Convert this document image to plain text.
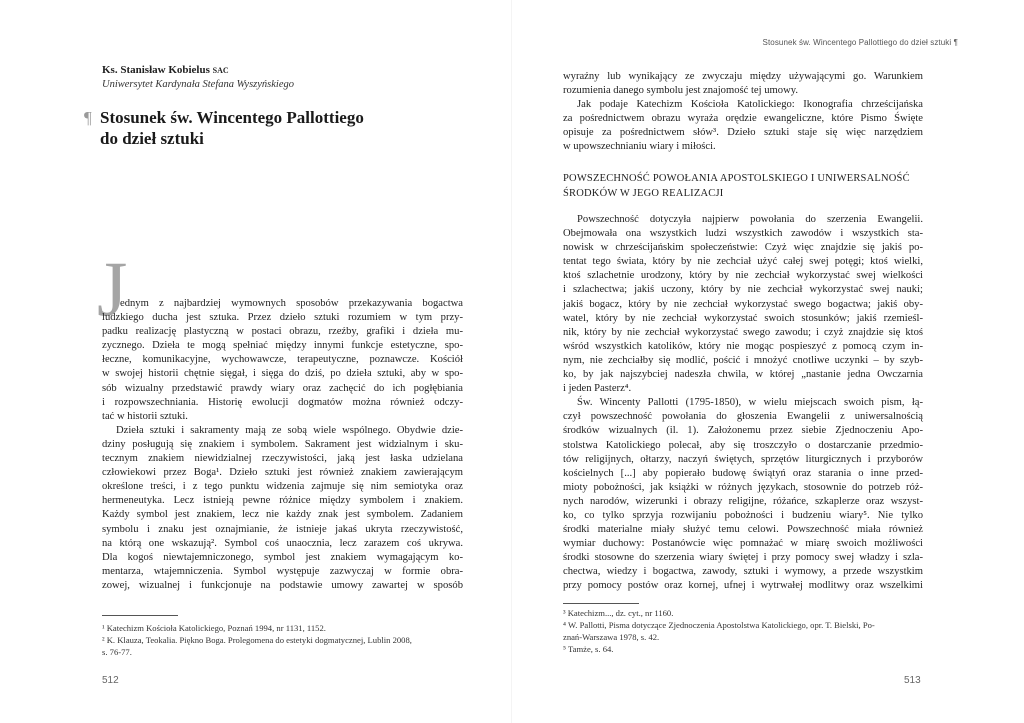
Ks. Stanisław Kobielus SAC
Uniwersytet Kardynała Stefana Wyszyńskiego
¶ Stosunek św. Wincentego Pallottiego
do dzieł sztuki
J
ednym z najbardziej wymownych sposobów przekazywania bogactwa
ludzkiego ducha jest sztuka. Przez dzieło sztuki rozumiem w tym przy-
padku realizację plastyczną w postaci obrazu, rzeźby, grafiki i dzieła mu-
zycznego. Dzieła te mogą spełniać między innymi funkcje estetyczne, spo-
łeczne, komunikacyjne, wychowawcze, terapeutyczne, poznawcze. Kościół
w swojej historii chętnie sięgał, i sięga do dziś, po dzieła sztuki, aby w spo-
sób wizualny przedstawić prawdy wiary oraz zachęcić do ich pogłębiania
i rozpowszechniania. Historię ewolucji dogmatów można również odczy-
tać w historii sztuki.
Dzieła sztuki i sakramenty mają ze sobą wiele wspólnego. Obydwie dzie-
dziny posługują się znakiem i symbolem. Sakrament jest widzialnym i sku-
tecznym znakiem niewidzialnej rzeczywistości, jaką jest łaska udzielana
człowiekowi przez Boga¹. Dzieło sztuki jest również znakiem zawierającym
określone treści, i z tego punktu widzenia zajmuje się nim semiotyka oraz
hermeneutyka. Lecz istnieją pewne różnice między symbolem i znakiem.
Każdy symbol jest znakiem, lecz nie każdy znak jest symbolem. Zadaniem
symbolu i znaku jest oznajmianie, że istnieje jakaś ukryta rzeczywistość,
na którą one wskazują². Symbol coś unaocznia, lecz zarazem coś ukrywa.
Dla kogoś niewtajemniczonego, symbol jest znakiem wymagającym ko-
mentarza, wtajemniczenia. Symbol występuje zazwyczaj w formie obra-
zowej, wizualnej i funkcjonuje na podstawie umowy zawartej w sposób
¹ Katechizm Kościoła Katolickiego, Poznań 1994, nr 1131, 1152.
² K. Klauza, Teokalia. Piękno Boga. Prolegomena do estetyki dogmatycznej, Lublin 2008,
s. 76-77.
512
Stosunek św. Wincentego Pallottiego do dzieł sztuki ¶
wyraźny lub wynikający ze zwyczaju między używającymi go. Warunkiem
rozumienia danego symbolu jest znajomość tej umowy.
Jak podaje Katechizm Kościoła Katolickiego: Ikonografia chrześcijańska
za pośrednictwem obrazu wyraża orędzie ewangeliczne, które Pismo Święte
opisuje za pośrednictwem słów³. Dzieło sztuki staje się więc narzędziem
w upowszechnianiu wiary i miłości.
POWSZECHNOŚĆ POWOŁANIA APOSTOLSKIEGO I UNIWERSALNOŚĆ
ŚRODKÓW W JEGO REALIZACJI
Powszechność dotyczyła najpierw powołania do szerzenia Ewangelii.
Obejmowała ona wszystkich ludzi wszystkich zawodów i wszystkich sta-
nowisk w chrześcijańskim społeczeństwie: Czyż więc znajdzie się jakiś po-
tentat tego świata, który by nie zechciał użyć całej swej potęgi; ktoś wielki,
ktoś szlachetnie urodzony, który by nie zechciał wykorzystać swej wielkości
i szlachectwa; jakiś uczony, który by nie zechciał wykorzystać swej nauki;
jakiś bogacz, który by nie zechciał wykorzystać swego bogactwa; jakiś oby-
watel, który by nie zechciał wykorzystać swoich stosunków; jakiś rzemieśl-
nik, który by nie zechciał wykorzystać swego zawodu; i czyż znajdzie się ktoś
wśród wszystkich katolików, który nie mogąc pospieszyć z pomocą czym in-
nym, nie zechciałby się modlić, pościć i mnożyć cnotliwe uczynki – by szyb-
ko, by jak najszybciej nadeszła chwila, w której „nastanie jedna Owczarnia
i jeden Pasterz⁴.
Św. Wincenty Pallotti (1795-1850), w wielu miejscach swoich pism, łą-
czył powszechność powołania do głoszenia Ewangelii z uniwersalnością
środków wizualnych (il. 1). Założonemu przez siebie Zjednoczeniu Apo-
stolstwa Katolickiego polecał, aby się troszczyło o dostarczanie przedmio-
tów religijnych, ołtarzy, naczyń świętych, sprzętów liturgicznych i przyborów
kościelnych [...] aby popierało budowę świątyń oraz starania o inne przed-
mioty pobożności, jak książki w różnych językach, stosownie do potrzeb róż-
nych narodów, wizerunki i obrazy religijne, różańce, szkaplerze oraz wszyst-
ko, co tylko sprzyja rozwijaniu pobożności i budzeniu wiary⁵. Nie tylko
środki materialne miały służyć temu celowi. Powszechność miała również
wymiar duchowy: Postanówcie więc pomnażać w miarę swoich możliwości
środki stosowne do szerzenia wiary świętej i przy pomocy swej władzy i szla-
chectwa, wiedzy i bogactwa, zawody, sztuki i wymowy, a przede wszystkim
przy pomocy postów oraz kornej, ufnej i wytrwałej modlitwy oraz wszelkimi
³ Katechizm..., dz. cyt., nr 1160.
⁴ W. Pallotti, Pisma dotyczące Zjednoczenia Apostolstwa Katolickiego, opr. T. Bielski, Po-
znań-Warszawa 1978, s. 42.
⁵ Tamże, s. 64.
513
